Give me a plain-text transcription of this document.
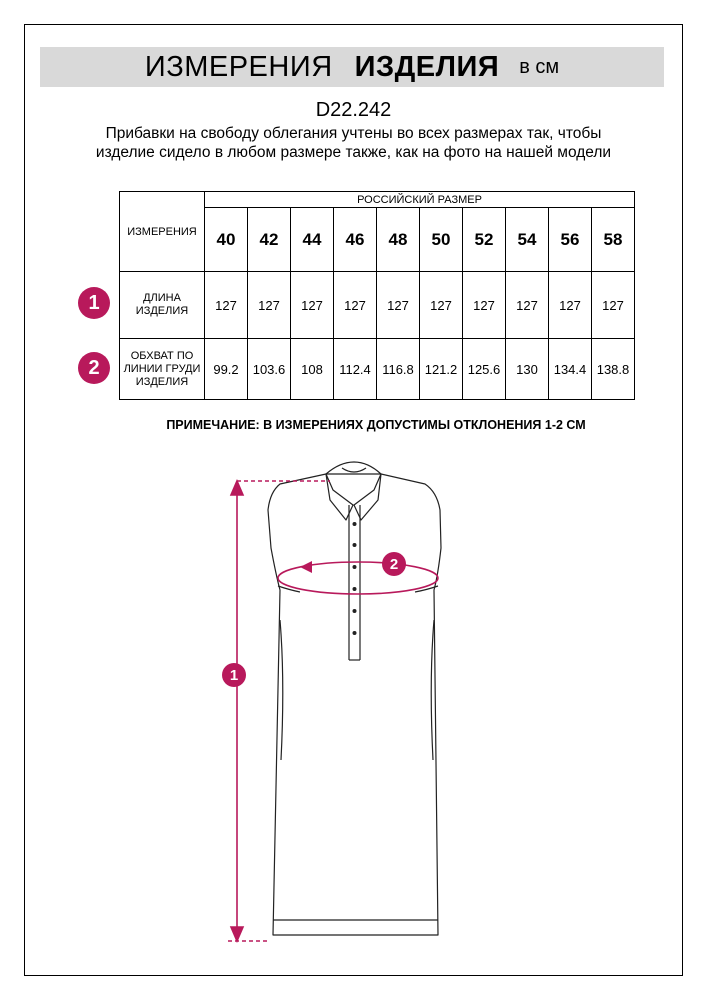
ИЗМЕРЕНИЯ ИЗДЕЛИЯ в см
D22.242
Прибавки на свободу облегания учтены во всех размерах так, чтобы изделие сидело в любом размере также, как на фото на нашей модели
ИЗМЕРЕНИЯ	РОССИЙСКИЙ РАЗМЕР									
	40	42	44	46	48	50	52	54	56	58
ДЛИНА ИЗДЕЛИЯ	127	127	127	127	127	127	127	127	127	127
ОБХВАТ ПО ЛИНИИ ГРУДИ ИЗДЕЛИЯ	99.2	103.6	108	112.4	116.8	121.2	125.6	130	134.4	138.8
1
2
ПРИМЕЧАНИЕ: В ИЗМЕРЕНИЯХ ДОПУСТИМЫ ОТКЛОНЕНИЯ 1-2 СМ
1
2
